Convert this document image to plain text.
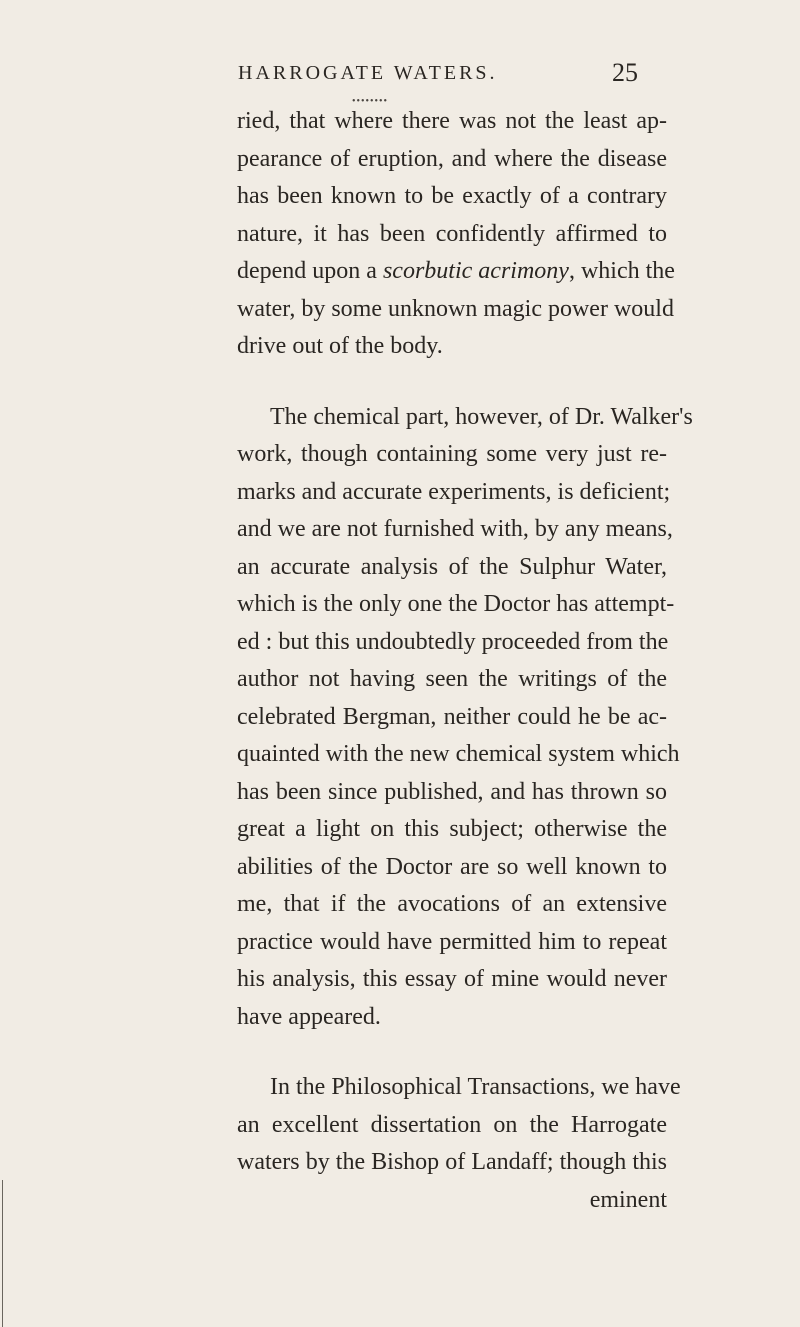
HARROGATE WATERS.	25
••••••••
ried, that where there was not the least ap-
pearance of eruption, and where the disease
has been known to be exactly of a contrary
nature, it has been confidently affirmed to
depend upon a scorbutic acrimony, which the
water, by some unknown magic power would
drive out of the body.
The chemical part, however, of Dr. Walker's
work, though containing some very just re-
marks and accurate experiments, is deficient;
and we are not furnished with, by any means,
an accurate analysis of the Sulphur Water,
which is the only one the Doctor has attempt-
ed : but this undoubtedly proceeded from the
author not having seen the writings of the
celebrated Bergman, neither could he be ac-
quainted with the new chemical system which
has been since published, and has thrown so
great a light on this subject; otherwise the
abilities of the Doctor are so well known to
me, that if the avocations of an extensive
practice would have permitted him to repeat
his analysis, this essay of mine would never
have appeared.
In the Philosophical Transactions, we have
an excellent dissertation on the Harrogate
waters by the Bishop of Landaff; though this
eminent
